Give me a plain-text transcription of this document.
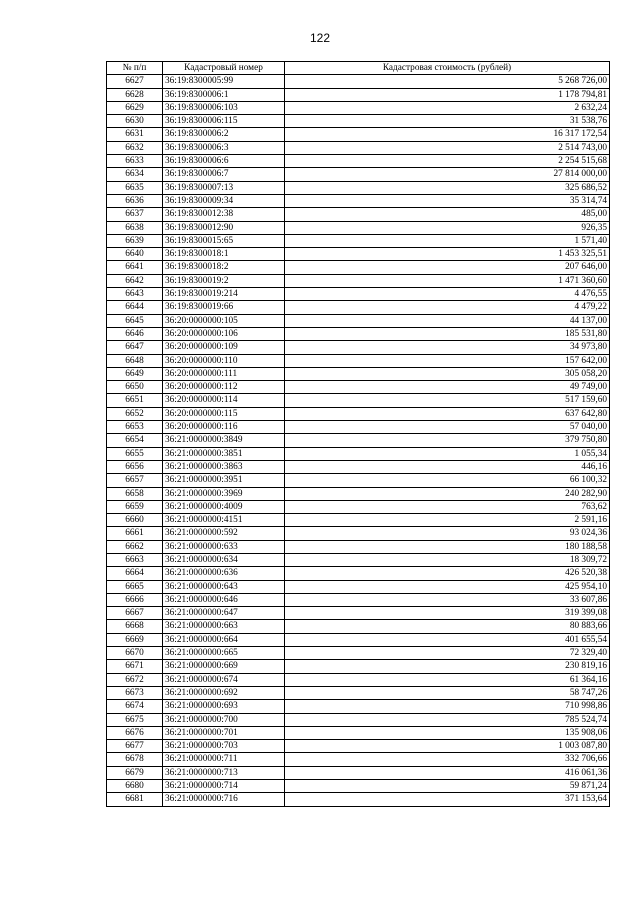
122
№ п/п	Кадастровый номер	Кадастровая стоимость (рублей)
6627	36:19:8300005:99	5 268 726,00
6628	36:19:8300006:1	1 178 794,81
6629	36:19:8300006:103	2 632,24
6630	36:19:8300006:115	31 538,76
6631	36:19:8300006:2	16 317 172,54
6632	36:19:8300006:3	2 514 743,00
6633	36:19:8300006:6	2 254 515,68
6634	36:19:8300006:7	27 814 000,00
6635	36:19:8300007:13	325 686,52
6636	36:19:8300009:34	35 314,74
6637	36:19:8300012:38	485,00
6638	36:19:8300012:90	926,35
6639	36:19:8300015:65	1 571,40
6640	36:19:8300018:1	1 453 325,51
6641	36:19:8300018:2	207 646,00
6642	36:19:8300019:2	1 471 360,60
6643	36:19:8300019:214	4 476,55
6644	36:19:8300019:66	4 479,22
6645	36:20:0000000:105	44 137,00
6646	36:20:0000000:106	185 531,80
6647	36:20:0000000:109	34 973,80
6648	36:20:0000000:110	157 642,00
6649	36:20:0000000:111	305 058,20
6650	36:20:0000000:112	49 749,00
6651	36:20:0000000:114	517 159,60
6652	36:20:0000000:115	637 642,80
6653	36:20:0000000:116	57 040,00
6654	36:21:0000000:3849	379 750,80
6655	36:21:0000000:3851	1 055,34
6656	36:21:0000000:3863	446,16
6657	36:21:0000000:3951	66 100,32
6658	36:21:0000000:3969	240 282,90
6659	36:21:0000000:4009	763,62
6660	36:21:0000000:4151	2 591,16
6661	36:21:0000000:592	93 024,36
6662	36:21:0000000:633	180 188,58
6663	36:21:0000000:634	18 309,72
6664	36:21:0000000:636	426 520,38
6665	36:21:0000000:643	425 954,10
6666	36:21:0000000:646	33 607,86
6667	36:21:0000000:647	319 399,08
6668	36:21:0000000:663	80 883,66
6669	36:21:0000000:664	401 655,54
6670	36:21:0000000:665	72 329,40
6671	36:21:0000000:669	230 819,16
6672	36:21:0000000:674	61 364,16
6673	36:21:0000000:692	58 747,26
6674	36:21:0000000:693	710 998,86
6675	36:21:0000000:700	785 524,74
6676	36:21:0000000:701	135 908,06
6677	36:21:0000000:703	1 003 087,80
6678	36:21:0000000:711	332 706,66
6679	36:21:0000000:713	416 061,36
6680	36:21:0000000:714	59 871,24
6681	36:21:0000000:716	371 153,64
